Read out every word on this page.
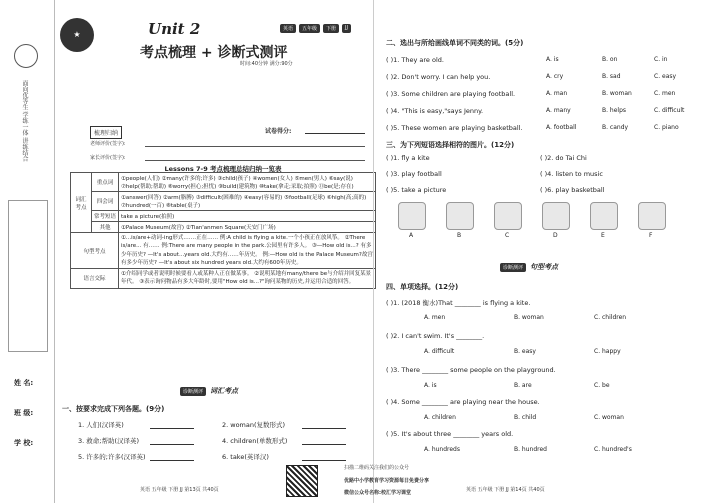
面向优等生 学练一体 讲练结合
姓 名:
班 级:
学 校:
★	Unit 2
考点梳理 + 诊断式测评
时间:40分钟 满分:90分
英语	五年级	下册	JJ
梳理归纳	试卷得分:
老师评价(签字):
家长评价(签字):
Lessons 7-9 考点梳理总结归纳一览表
词汇考点	重点词	①people(人们) ②many(许多的;许多) ③child(孩子) ④women(女人) ⑤men(男人) ⑥say(说) ⑦help(帮助;帮助) ⑧worry(担心;担忧) ⑨build(建筑物) ⑩take(拿走;采取;拍照) ⑪be(是;存在)
	四会词	①answer(回答) ②arm(胳膊) ③difficult(困难的) ④easy(容易的) ⑤football(足球) ⑥high(高;高的) ⑦hundred(一百) ⑧table(桌子)
	常考短语	take a picture(拍照)
	其他	①Palace Museum(故宫) ②Tian'anmen Square(天安门广场)
句型考点		①...is/are+动词-ing形式.……正在…… 例:A child is flying a kite.一个小孩正在放风筝。 ②There is/are... 有…… 例:There are many people in the park.公园里有许多人。 ③—How old is...? 有多少年历史? —It's about...years old.大约有……年历史。 例:—How old is the Palace Museum?故宫有多少年历史? —It's about six hundred years old.大约有600年历史。
语言交际		①介绍同学或者说明时候要看人或某种人正在做某事。 ②说明某地有many/there be与介绍并回复某景年代。 ③表示询问物品有多大年龄时,要用"How old is...?"询问某物的历史,并运用合适的回答。
诊断测评	词汇考点
一、按要求完成下列各题。(9分)
1. 人们(汉译英)	2. woman(复数形式)
3. 救命;帮助(汉译英)	4. children(单数形式)
5. 许多的;许多(汉译英)	6. take(英译汉)
英语 五年级 下册 JJ 第13页 共40页
二、选出与所给画线单词不同类的词。(5分)
( )1. They are old.	A. is	B. on	C. in
( )2. Don't worry. I can help you.	A. cry	B. sad	C. easy
( )3. Some children are playing football.	A. man	B. woman	C. men
( )4. "This is easy,"says Jenny.	A. many	B. helps	C. difficult
( )5. These women are playing basketball.	A. football	B. candy	C. piano
三、为下列短语选择相符的图片。(12分)
( )1. fly a kite	( )2. do Tai Chi
( )3. play football	( )4. listen to music
( )5. take a picture	( )6. play basketball
A	B	C	D	E	F
诊断测评	句型考点
四、单项选择。(12分)
( )1. (2018 衡水)That ________ is flying a kite.
A. men	B. woman	C. children
( )2. I can't swim. It's ________.
A. difficult	B. easy	C. happy
( )3. There ________ some people on the playground.
A. is	B. are	C. be
( )4. Some ________ are playing near the house.
A. children	B. child	C. woman
( )5. It's about three ________ years old.
A. hundreds	B. hundred	C. hundred's
扫描二维码关注我们的公众号
优路中小学教育学习资源每日免费分享
微信公众号名称:校汇学习课堂	英语 五年级 下册 JJ 第14页 共40页
